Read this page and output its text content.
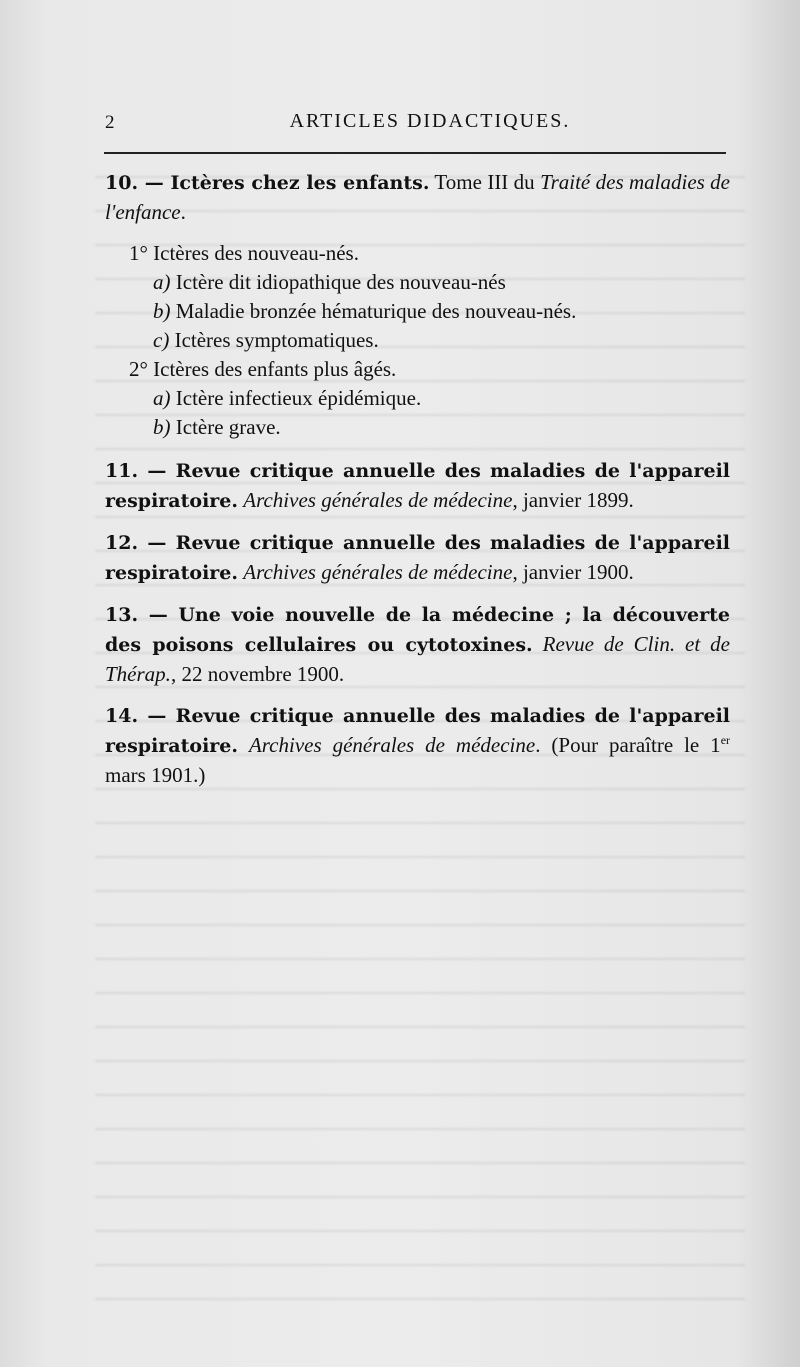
2	ARTICLES DIDACTIQUES.

10. — Ictères chez les enfants. Tome III du Traité des maladies de l'enfance.

1° Ictères des nouveau-nés.

a) Ictère dit idiopathique des nouveau-nés

b) Maladie bronzée hématurique des nouveau-nés.

c) Ictères symptomatiques.

2° Ictères des enfants plus âgés.

a) Ictère infectieux épidémique.

b) Ictère grave.

11. — Revue critique annuelle des maladies de l'appareil respiratoire. Archives générales de médecine, janvier 1899.

12. — Revue critique annuelle des maladies de l'appareil respiratoire. Archives générales de médecine, janvier 1900.

13. — Une voie nouvelle de la médecine ; la découverte des poisons cellulaires ou cytotoxines. Revue de Clin. et de Thérap., 22 novembre 1900.

14. — Revue critique annuelle des maladies de l'appareil respiratoire. Archives générales de médecine. (Pour paraître le 1er mars 1901.)
